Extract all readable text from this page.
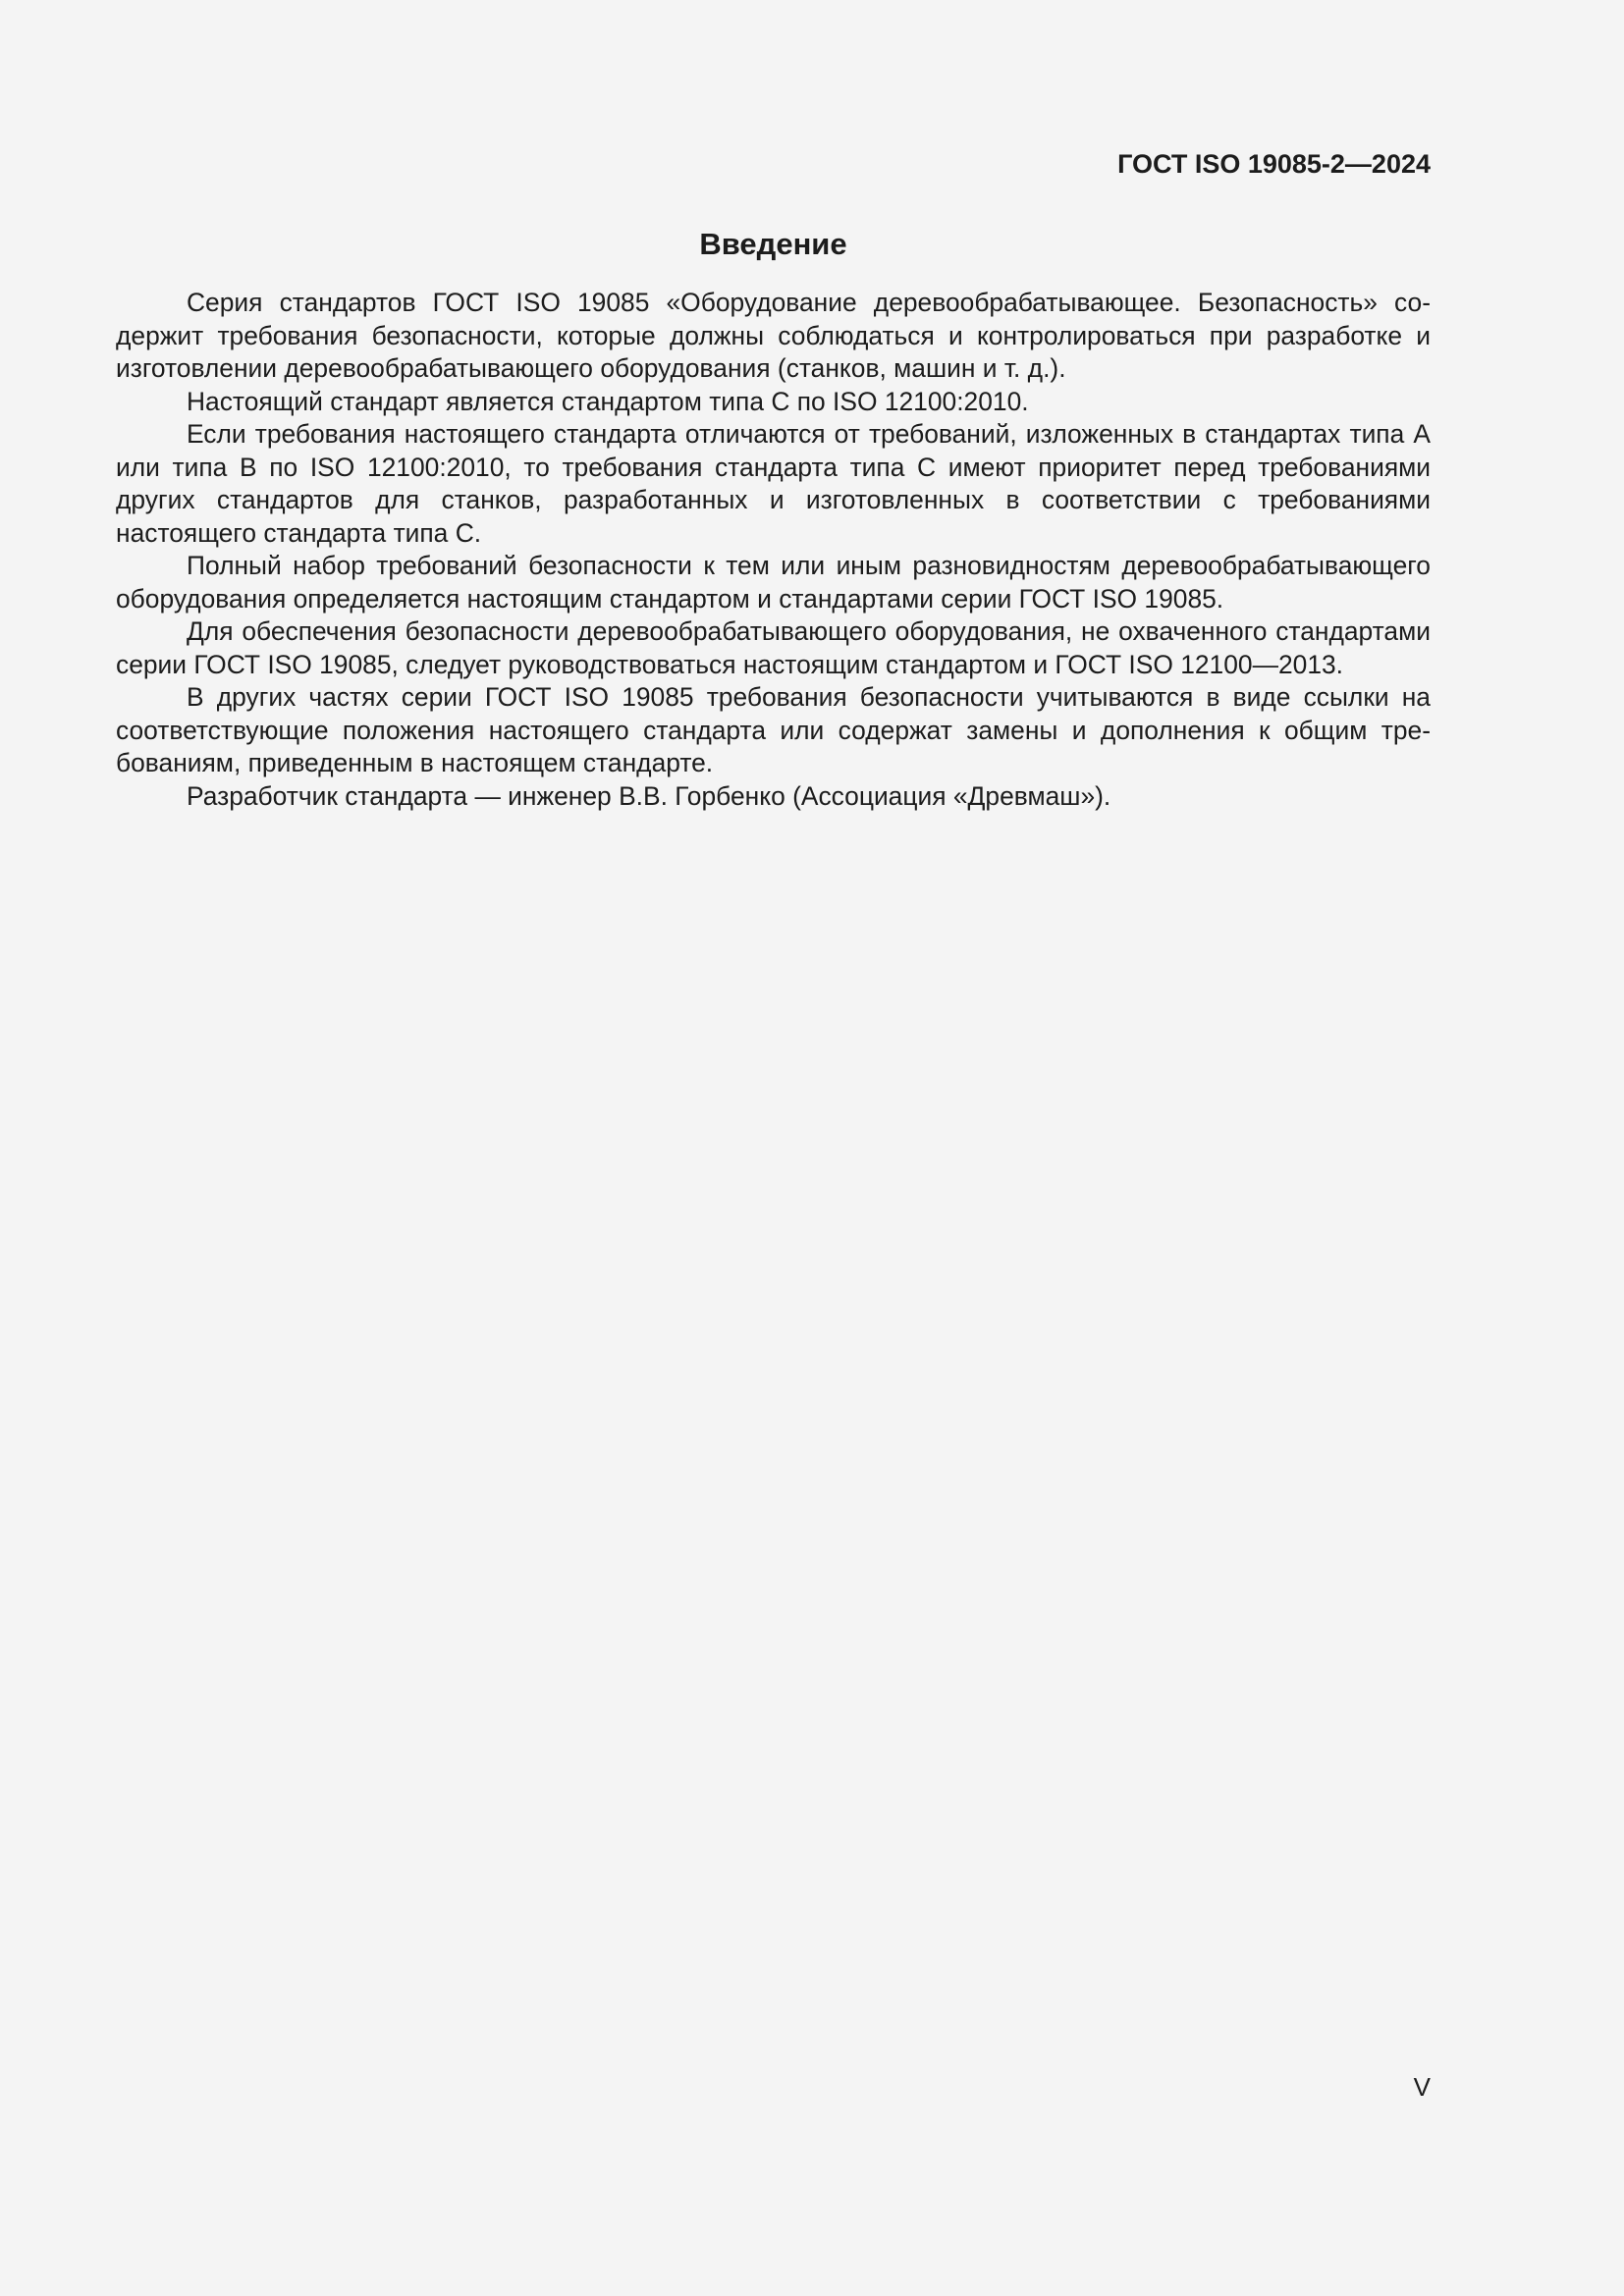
ГОСТ ISO 19085-2—2024
Введение

Серия стандартов ГОСТ ISO 19085 «Оборудование деревообрабатывающее. Безопасность» содержит требования безопасности, которые должны соблюдаться и контролироваться при разработке и изготовлении деревообрабатывающего оборудования (станков, машин и т. д.).

Настоящий стандарт является стандартом типа С по ISO 12100:2010.

Если требования настоящего стандарта отличаются от требований, изложенных в стандартах типа А или типа В по ISO 12100:2010, то требования стандарта типа С имеют приоритет перед требованиями других стандартов для станков, разработанных и изготовленных в соответствии с требованиями настоящего стандарта типа С.

Полный набор требований безопасности к тем или иным разновидностям деревообрабатывающего оборудования определяется настоящим стандартом и стандартами серии ГОСТ ISO 19085.

Для обеспечения безопасности деревообрабатывающего оборудования, не охваченного стандартами серии ГОСТ ISO 19085, следует руководствоваться настоящим стандартом и ГОСТ ISO 12100—2013.

В других частях серии ГОСТ ISO 19085 требования безопасности учитываются в виде ссылки на соответствующие положения настоящего стандарта или содержат замены и дополнения к общим требованиям, приведенным в настоящем стандарте.

Разработчик стандарта — инженер В.В. Горбенко (Ассоциация «Древмаш»).

V
